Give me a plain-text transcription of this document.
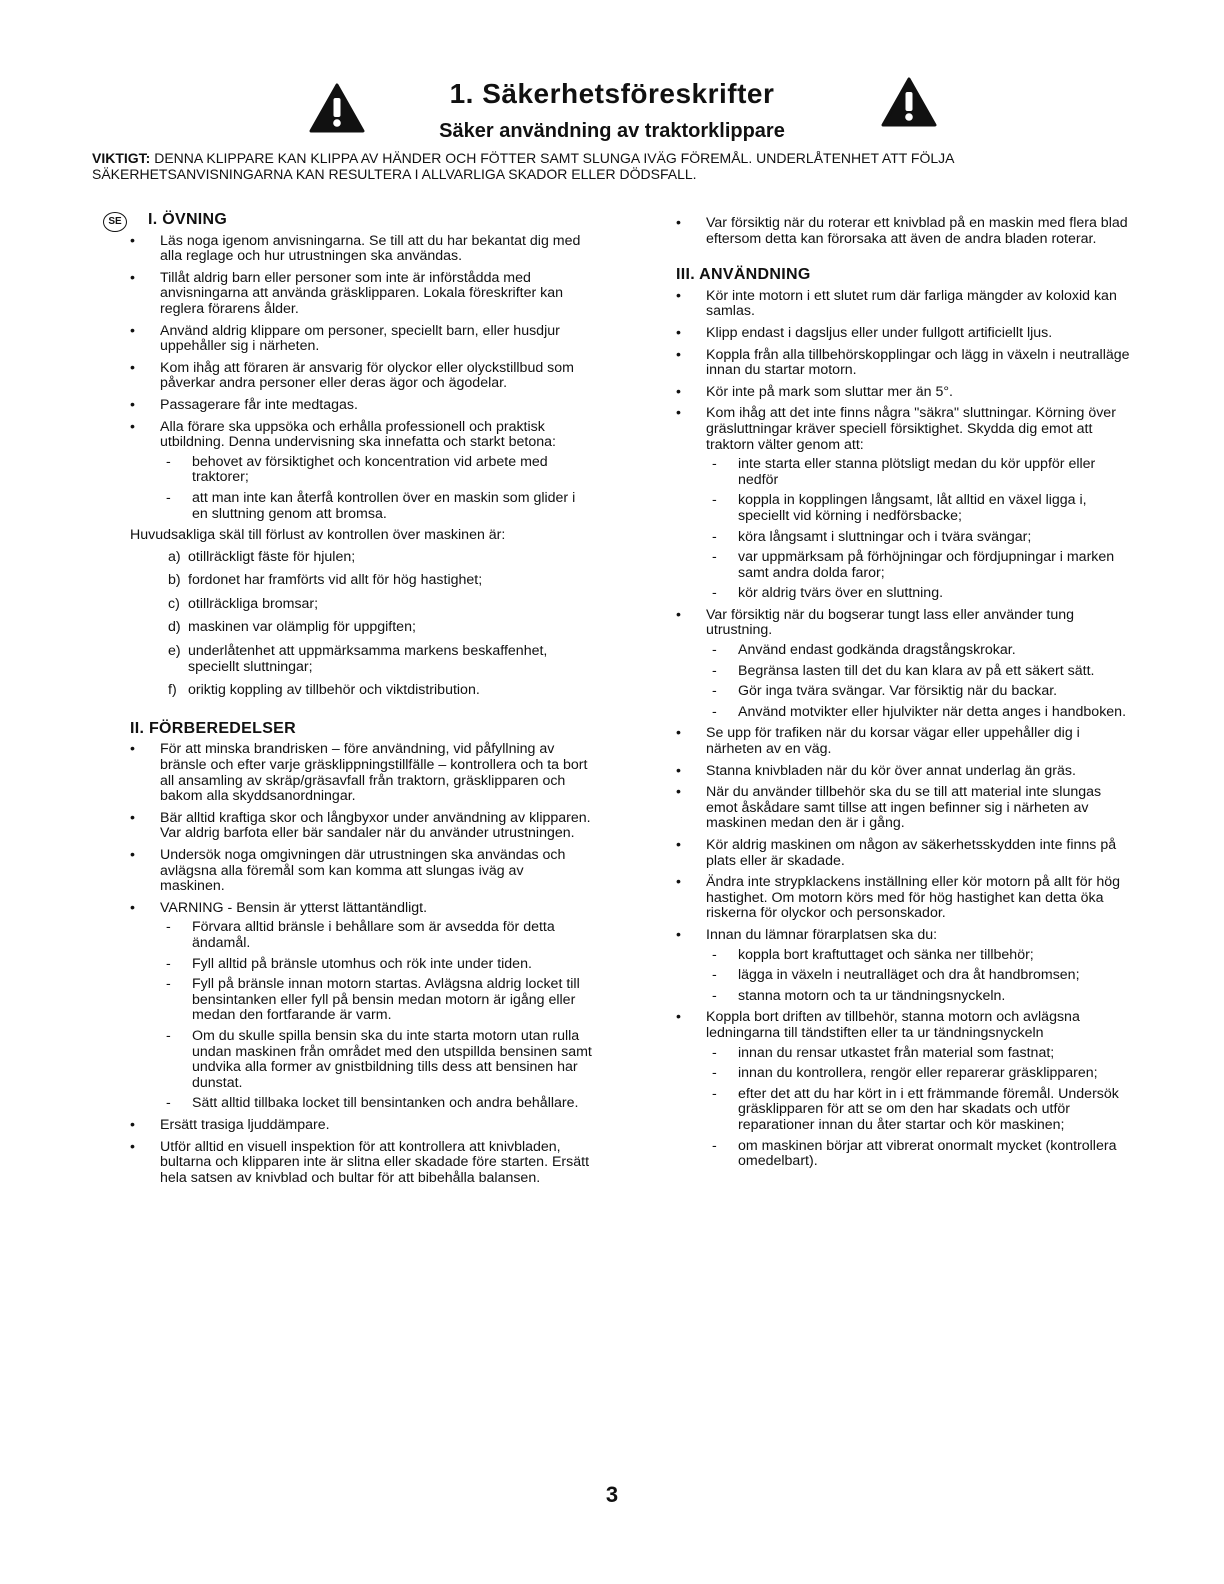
1. Säkerhetsföreskrifter
Säker användning av traktorklippare
VIKTIGT: DENNA KLIPPARE KAN KLIPPA AV HÄNDER OCH FÖTTER SAMT SLUNGA IVÄG FÖREMÅL. UNDERLÅTENHET ATT FÖLJA SÄKERHETSANVISNINGARNA KAN RESULTERA I ALLVARLIGA SKADOR ELLER DÖDSFALL.
SE	I. ÖVNING
• Läs noga igenom anvisningarna. Se till att du har bekantat dig med alla reglage och hur utrustningen ska användas.
• Tillåt aldrig barn eller personer som inte är införstådda med anvisningarna att använda gräsklipparen. Lokala föreskrifter kan reglera förarens ålder.
• Använd aldrig klippare om personer, speciellt barn, eller husdjur uppehåller sig i närheten.
• Kom ihåg att föraren är ansvarig för olyckor eller olyckstillbud som påverkar andra personer eller deras ägor och ägodelar.
• Passagerare får inte medtagas.
• Alla förare ska uppsöka och erhålla professionell och praktisk utbildning. Denna undervisning ska innefatta och starkt betona:
- behovet av försiktighet och koncentration vid arbete med traktorer;
- att man inte kan återfå kontrollen över en maskin som glider i en sluttning genom att bromsa.

Huvudsakliga skäl till förlust av kontrollen över maskinen är:

a) otillräckligt fäste för hjulen;
b) fordonet har framförts vid allt för hög hastighet;
c) otillräckliga bromsar;
d) maskinen var olämplig för uppgiften;
e) underlåtenhet att uppmärksamma markens beskaffenhet, speciellt sluttningar;
f) oriktig koppling av tillbehör och viktdistribution.
II. FÖRBEREDELSER
• För att minska brandrisken – före användning, vid påfyllning av bränsle och efter varje gräsklippningstillfälle – kontrollera och ta bort all ansamling av skräp/gräsavfall från traktorn, gräsklipparen och bakom alla skyddsanordningar.
• Bär alltid kraftiga skor och långbyxor under användning av klipparen. Var aldrig barfota eller bär sandaler när du använder utrustningen.
• Undersök noga omgivningen där utrustningen ska användas och avlägsna alla föremål som kan komma att slungas iväg av maskinen.
• VARNING - Bensin är ytterst lättantändligt.
- Förvara alltid bränsle i behållare som är avsedda för detta ändamål.
- Fyll alltid på bränsle utomhus och rök inte under tiden.
- Fyll på bränsle innan motorn startas. Avlägsna aldrig locket till bensintanken eller fyll på bensin medan motorn är igång eller medan den fortfarande är varm.
- Om du skulle spilla bensin ska du inte starta motorn utan rulla undan maskinen från området med den utspillda bensinen samt undvika alla former av gnistbildning tills dess att bensinen har dunstat.
- Sätt alltid tillbaka locket till bensintanken och andra behållare.
• Ersätt trasiga ljuddämpare.
• Utför alltid en visuell inspektion för att kontrollera att knivbladen, bultarna och klipparen inte är slitna eller skadade före starten. Ersätt hela satsen av knivblad och bultar för att bibehålla balansen.
• Var försiktig när du roterar ett knivblad på en maskin med flera blad eftersom detta kan förorsaka att även de andra bladen roterar.
III. ANVÄNDNING
• Kör inte motorn i ett slutet rum där farliga mängder av koloxid kan samlas.
• Klipp endast i dagsljus eller under fullgott artificiellt ljus.
• Koppla från alla tillbehörskopplingar och lägg in växeln i neutralläge innan du startar motorn.
• Kör inte på mark som sluttar mer än 5°.
• Kom ihåg att det inte finns några "säkra" sluttningar. Körning över gräsluttningar kräver speciell försiktighet. Skydda dig emot att traktorn välter genom att:
- inte starta eller stanna plötsligt medan du kör uppför eller nedför
- koppla in kopplingen långsamt, låt alltid en växel ligga i, speciellt vid körning i nedförsbacke;
- köra långsamt i sluttningar och i tvära svängar;
- var uppmärksam på förhöjningar och fördjupningar i marken samt andra dolda faror;
- kör aldrig tvärs över en sluttning.
• Var försiktig när du bogserar tungt lass eller använder tung utrustning.
- Använd endast godkända dragstångskrokar.
- Begränsa lasten till det du kan klara av på ett säkert sätt.
- Gör inga tvära svängar. Var försiktig när du backar.
- Använd motvikter eller hjulvikter när detta anges i handboken.
• Se upp för trafiken när du korsar vägar eller uppehåller dig i närheten av en väg.
• Stanna knivbladen när du kör över annat underlag än gräs.
• När du använder tillbehör ska du se till att material inte slungas emot åskådare samt tillse att ingen befinner sig i närheten av maskinen medan den är i gång.
• Kör aldrig maskinen om någon av säkerhetsskydden inte finns på plats eller är skadade.
• Ändra inte strypklackens inställning eller kör motorn på allt för hög hastighet. Om motorn körs med för hög hastighet kan detta öka riskerna för olyckor och personskador.
• Innan du lämnar förarplatsen ska du:
- koppla bort kraftuttaget och sänka ner tillbehör;
- lägga in växeln i neutralläget och dra åt handbromsen;
- stanna motorn och ta ur tändningsnyckeln.
• Koppla bort driften av tillbehör, stanna motorn och avlägsna ledningarna till tändstiften eller ta ur tändningsnyckeln
- innan du rensar utkastet från material som fastnat;
- innan du kontrollera, rengör eller reparerar gräsklipparen;
- efter det att du har kört in i ett främmande föremål. Undersök gräsklipparen för att se om den har skadats och utför reparationer innan du åter startar och kör maskinen;
- om maskinen börjar att vibrerat onormalt mycket (kontrollera omedelbart).
3
